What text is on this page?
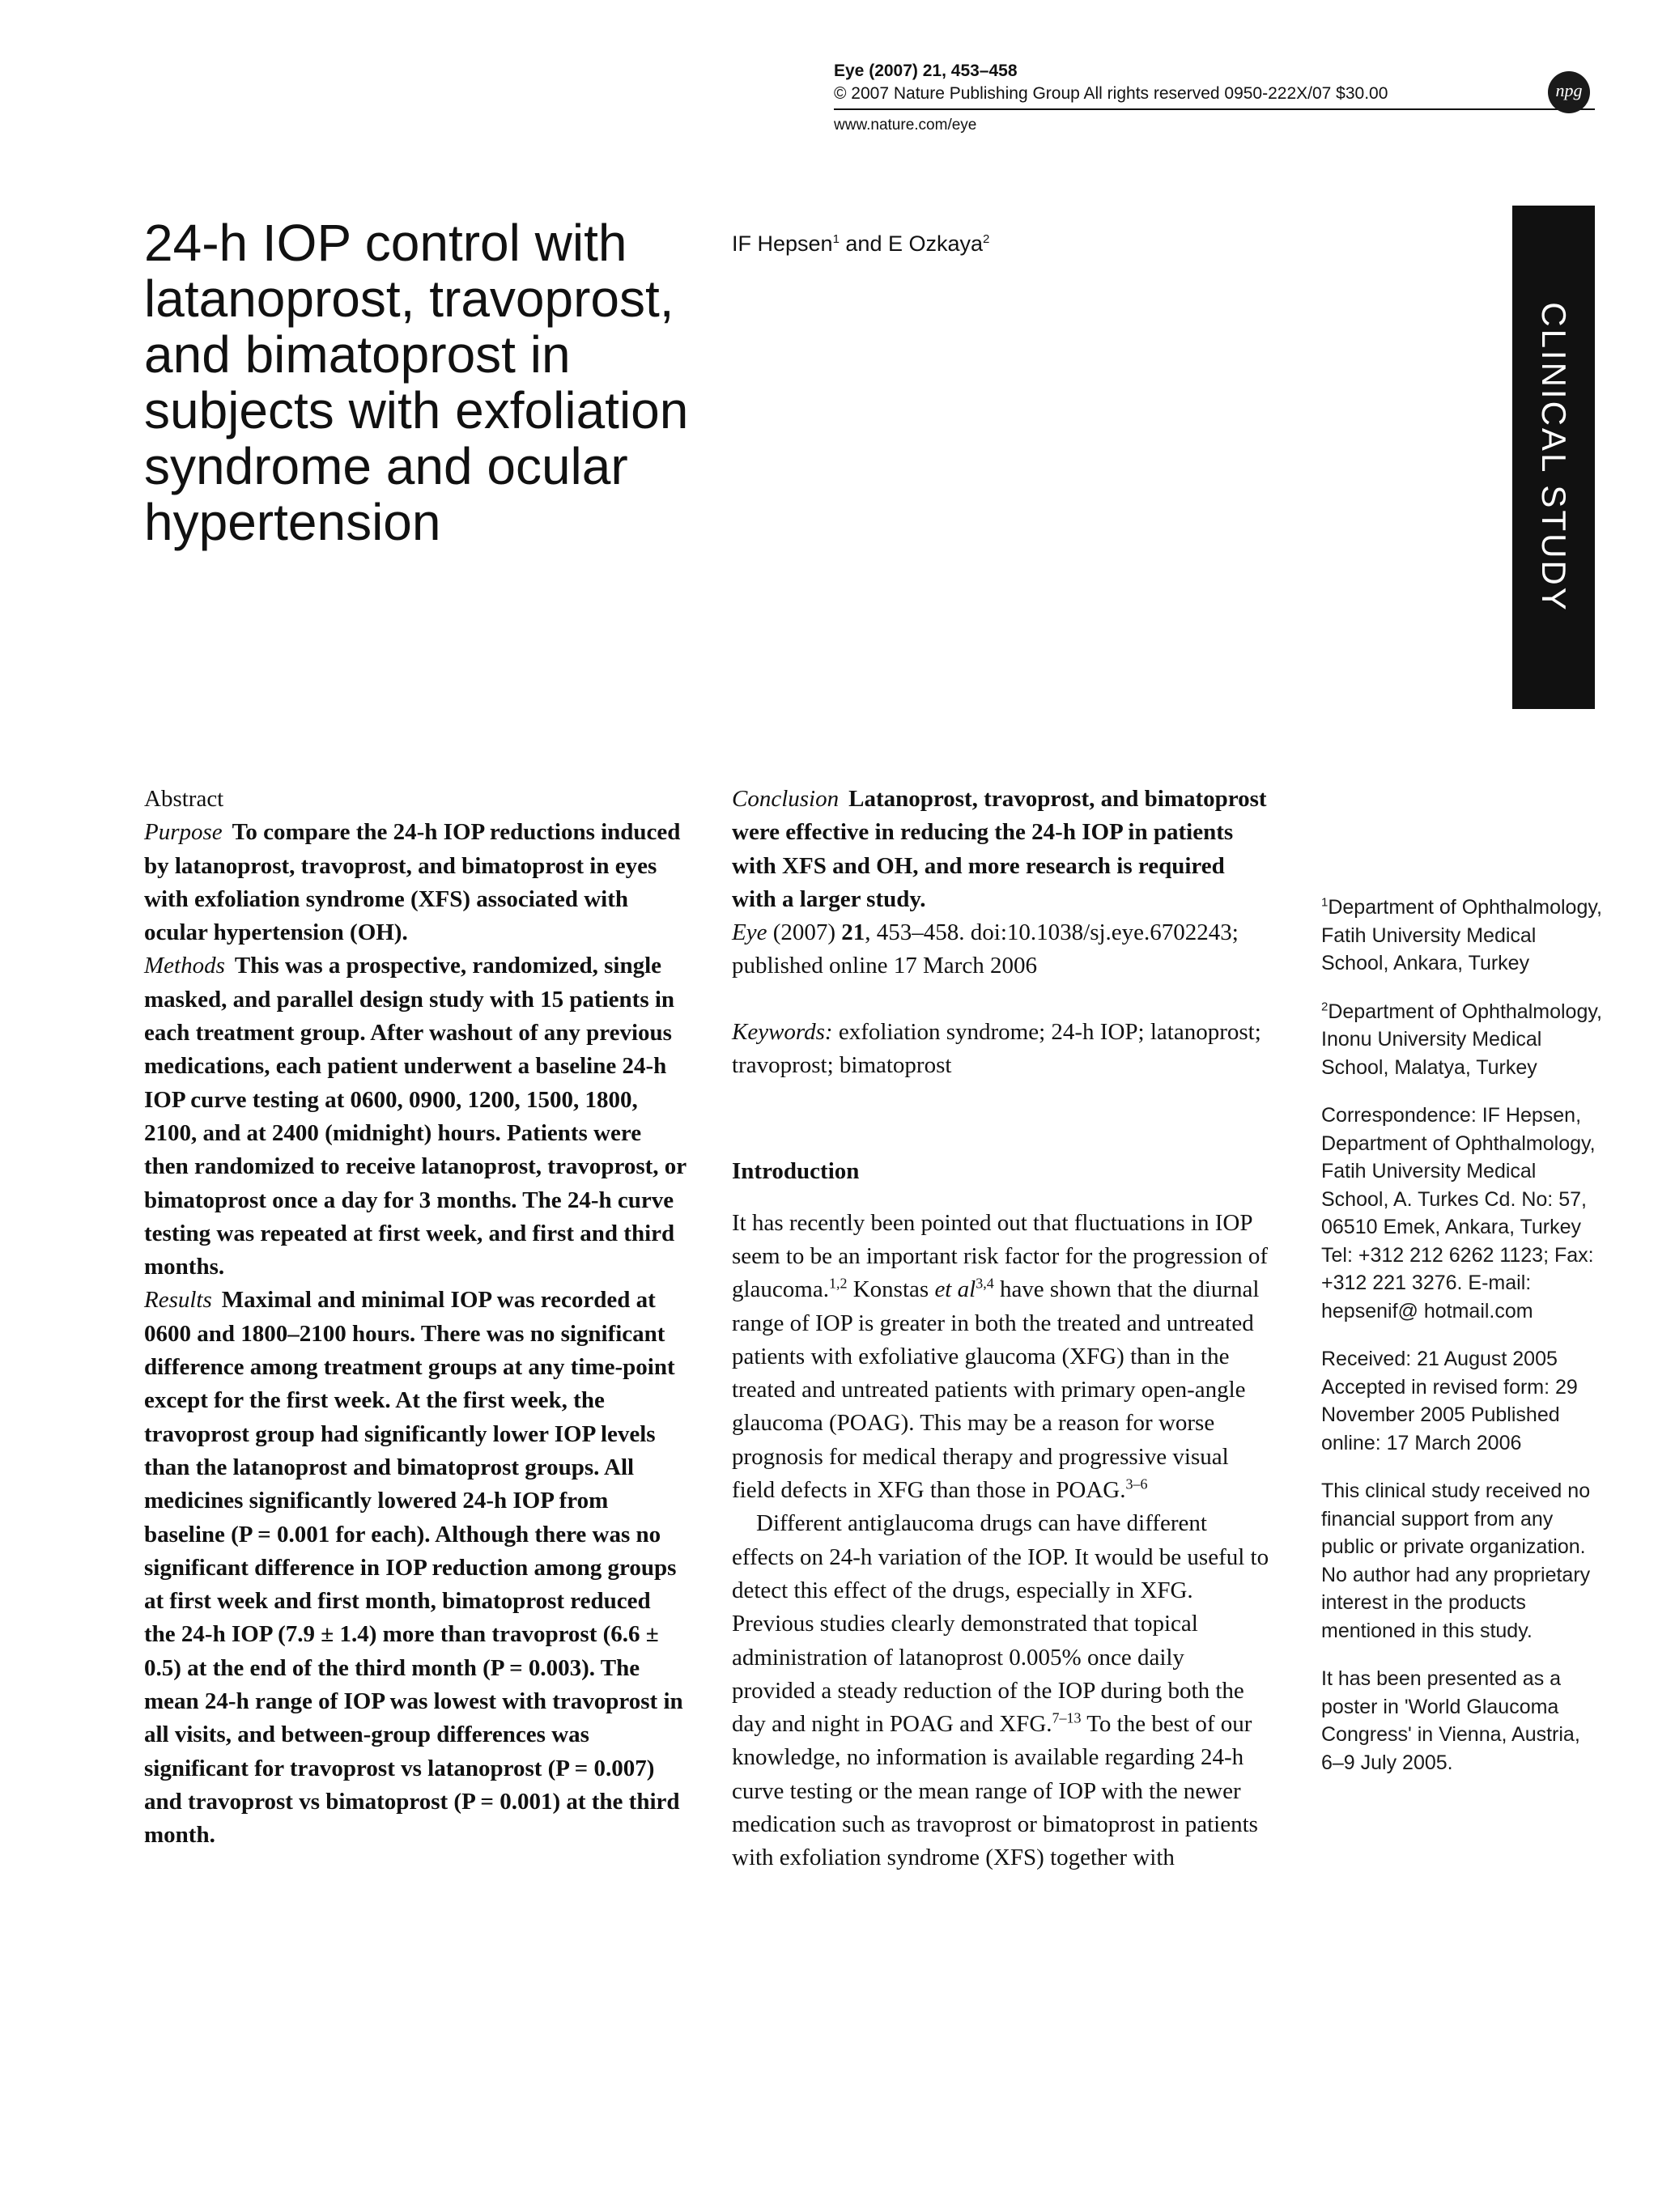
Eye (2007) 21, 453–458
© 2007 Nature Publishing Group All rights reserved 0950-222X/07 $30.00
www.nature.com/eye
npg
24-h IOP control with latanoprost, travoprost, and bimatoprost in subjects with exfoliation syndrome and ocular hypertension
IF Hepsen$^1$ and E Ozkaya$^2$
CLINICAL STUDY

Abstract

Purpose To compare the 24-h IOP reductions induced by latanoprost, travoprost, and bimatoprost in eyes with exfoliation syndrome (XFS) associated with ocular hypertension (OH).

Methods This was a prospective, randomized, single masked, and parallel design study with 15 patients in each treatment group. After washout of any previous medications, each patient underwent a baseline 24-h IOP curve testing at 0600, 0900, 1200, 1500, 1800, 2100, and at 2400 (midnight) hours. Patients were then randomized to receive latanoprost, travoprost, or bimatoprost once a day for 3 months. The 24-h curve testing was repeated at first week, and first and third months.

Results Maximal and minimal IOP was recorded at 0600 and 1800–2100 hours. There was no significant difference among treatment groups at any time-point except for the first week. At the first week, the travoprost group had significantly lower IOP levels than the latanoprost and bimatoprost groups. All medicines significantly lowered 24-h IOP from baseline (P = 0.001 for each). Although there was no significant difference in IOP reduction among groups at first week and first month, bimatoprost reduced the 24-h IOP (7.9 ± 1.4) more than travoprost (6.6 ± 0.5) at the end of the third month (P = 0.003). The mean 24-h range of IOP was lowest with travoprost in all visits, and between-group differences was significant for travoprost vs latanoprost (P = 0.007) and travoprost vs bimatoprost (P = 0.001) at the third month.

Conclusion Latanoprost, travoprost, and bimatoprost were effective in reducing the 24-h IOP in patients with XFS and OH, and more research is required with a larger study.

Eye (2007) 21, 453–458. doi:10.1038/sj.eye.6702243; published online 17 March 2006

Keywords: exfoliation syndrome; 24-h IOP; latanoprost; travoprost; bimatoprost

Introduction

It has recently been pointed out that fluctuations in IOP seem to be an important risk factor for the progression of glaucoma.$^{1,2}$ Konstas et al$^{3,4}$ have shown that the diurnal range of IOP is greater in both the treated and untreated patients with exfoliative glaucoma (XFG) than in the treated and untreated patients with primary open-angle glaucoma (POAG). This may be a reason for worse prognosis for medical therapy and progressive visual field defects in XFG than those in POAG.$^{3-6}$

Different antiglaucoma drugs can have different effects on 24-h variation of the IOP. It would be useful to detect this effect of the drugs, especially in XFG. Previous studies clearly demonstrated that topical administration of latanoprost 0.005% once daily provided a steady reduction of the IOP during both the day and night in POAG and XFG.$^{7-13}$ To the best of our knowledge, no information is available regarding 24-h curve testing or the mean range of IOP with the newer medication such as travoprost or bimatoprost in patients with exfoliation syndrome (XFS) together with

$^1$Department of Ophthalmology, Fatih University Medical School, Ankara, Turkey

$^2$Department of Ophthalmology, Inonu University Medical School, Malatya, Turkey

Correspondence: IF Hepsen, Department of Ophthalmology, Fatih University Medical School, A. Turkes Cd. No: 57, 06510 Emek, Ankara, Turkey Tel: +312 212 6262 1123; Fax: +312 221 3276. E-mail: hepsenif@ hotmail.com

Received: 21 August 2005 Accepted in revised form: 29 November 2005 Published online: 17 March 2006

This clinical study received no financial support from any public or private organization. No author had any proprietary interest in the products mentioned in this study.

It has been presented as a poster in 'World Glaucoma Congress' in Vienna, Austria, 6–9 July 2005.
